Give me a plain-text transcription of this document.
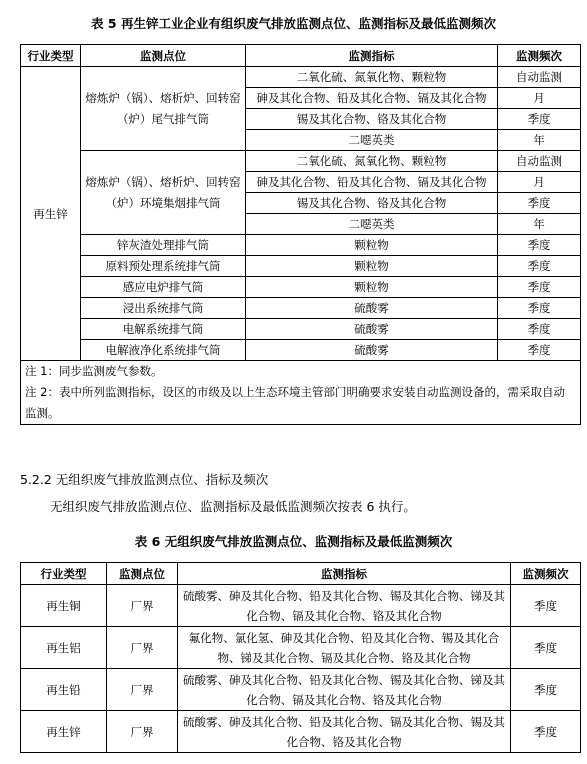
表 5 再生锌工业企业有组织废气排放监测点位、监测指标及最低监测频次
行业类型	监测点位	监测指标	监测频次
再生锌	熔炼炉（锅）、熔析炉、回转窑（炉）尾气排气筒	二氧化硫、氮氧化物、颗粒物	自动监测
		砷及其化合物、铅及其化合物、镉及其化合物	月
		锡及其化合物、铬及其化合物	季度
		二噁英类	年
	熔炼炉（锅）、熔析炉、回转窑（炉）环境集烟排气筒	二氧化硫、氮氧化物、颗粒物	自动监测
		砷及其化合物、铅及其化合物、镉及其化合物	月
		锡及其化合物、铬及其化合物	季度
		二噁英类	年
	锌灰渣处理排气筒	颗粒物	季度
	原料预处理系统排气筒	颗粒物	季度
	感应电炉排气筒	颗粒物	季度
	浸出系统排气筒	硫酸雾	季度
	电解系统排气筒	硫酸雾	季度
	电解液净化系统排气筒	硫酸雾	季度

注 1：同步监测废气参数。
注 2：表中所列监测指标，设区的市级及以上生态环境主管部门明确要求安装自动监测设备的，需采取自动监测。			
5.2.2 无组织废气排放监测点位、指标及频次
无组织废气排放监测点位、监测指标及最低监测频次按表 6 执行。
表 6 无组织废气排放监测点位、监测指标及最低监测频次
行业类型	监测点位	监测指标	监测频次
再生铜	厂界	硫酸雾、砷及其化合物、铅及其化合物、锡及其化合物、锑及其化合物、镉及其化合物、铬及其化合物	季度
再生铝	厂界	氟化物、氯化氢、砷及其化合物、铅及其化合物、锡及其化合物、锑及其化合物、镉及其化合物、铬及其化合物	季度
再生铅	厂界	硫酸雾、砷及其化合物、铅及其化合物、锡及其化合物、锑及其化合物、镉及其化合物、铬及其化合物	季度
再生锌	厂界	硫酸雾、砷及其化合物、铅及其化合物、镉及其化合物、锡及其化合物、铬及其化合物	季度
